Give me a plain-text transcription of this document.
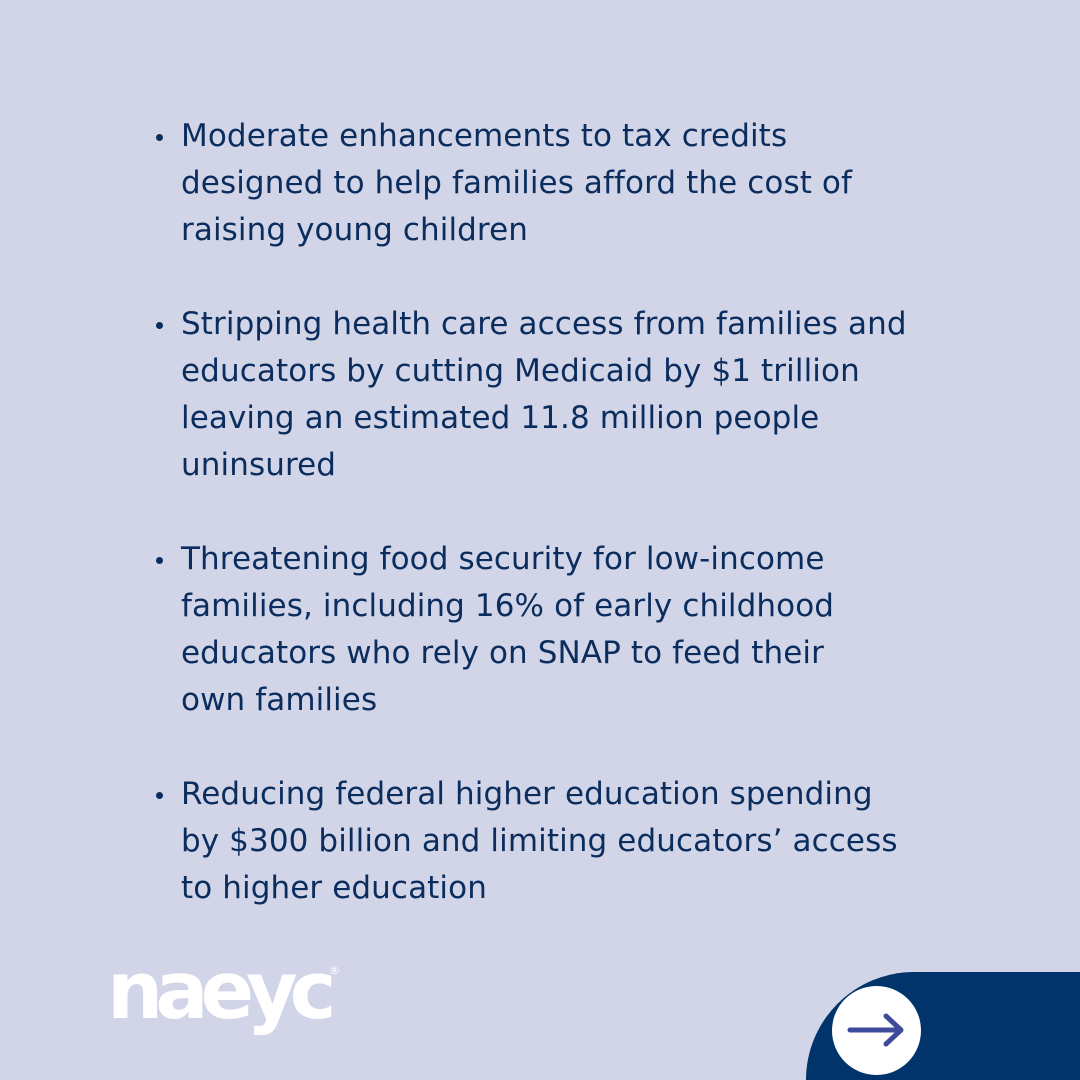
Moderate enhancements to tax credits
designed to help families afford the cost of
raising young children
Stripping health care access from families and
educators by cutting Medicaid by $1 trillion
leaving an estimated 11.8 million people
uninsured
Threatening food security for low-income
families, including 16% of early childhood
educators who rely on SNAP to feed their
own families
Reducing federal higher education spending
by $300 billion and limiting educators’ access
to higher education
naeyc ®
